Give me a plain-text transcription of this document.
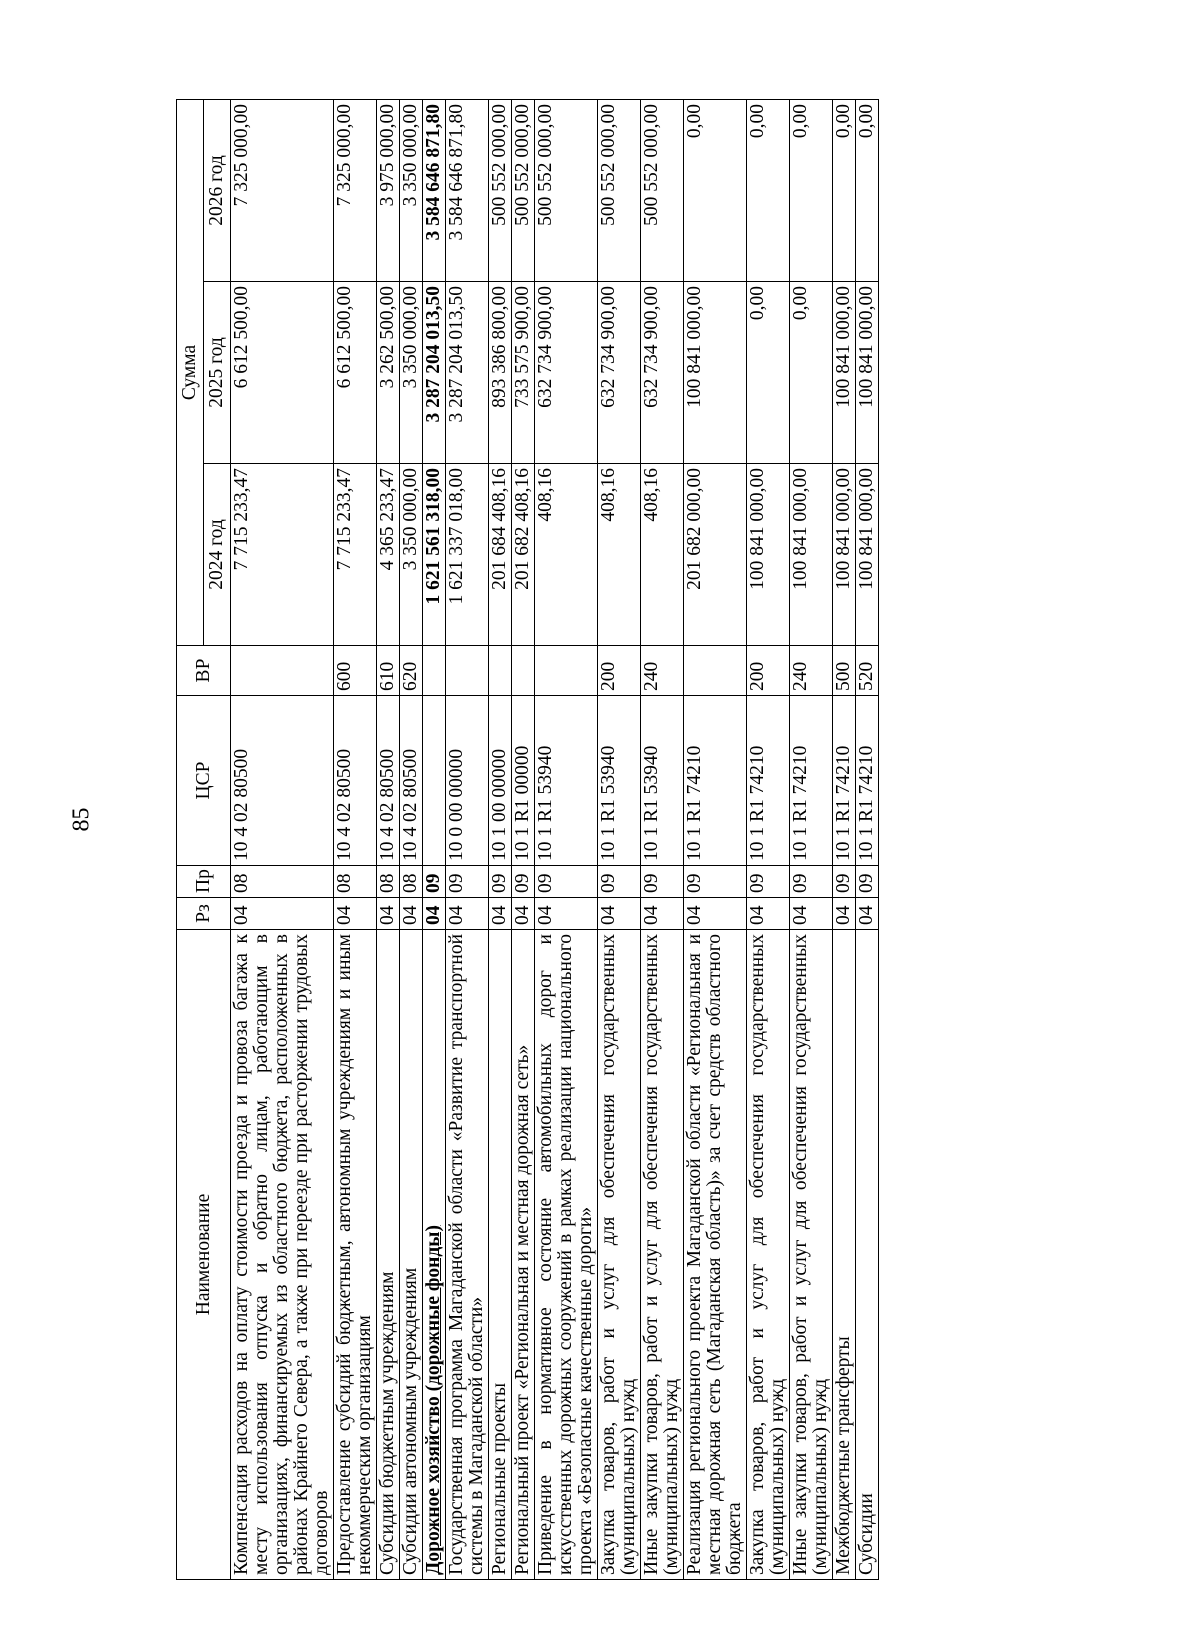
85
Наименование	Рз	Пр	ЦСР	ВР	Сумма		
					2024 год	2025 год	2026 год
Компенсация расходов на оплату стоимости проезда и провоза багажа к месту использования отпуска и обратно лицам, работающим в организациях, финансируемых из областного бюджета, расположенных в районах Крайнего Севера, а также при переезде при расторжении трудовых договоров	04	08	10 4 02 80500		7 715 233,47	6 612 500,00	7 325 000,00
Предоставление субсидий бюджетным, автономным учреждениям и иным некоммерческим организациям	04	08	10 4 02 80500	600	7 715 233,47	6 612 500,00	7 325 000,00
Субсидии бюджетным учреждениям	04	08	10 4 02 80500	610	4 365 233,47	3 262 500,00	3 975 000,00
Субсидии автономным учреждениям	04	08	10 4 02 80500	620	3 350 000,00	3 350 000,00	3 350 000,00
Дорожное хозяйство (дорожные фонды)	04	09			1 621 561 318,00	3 287 204 013,50	3 584 646 871,80
Государственная программа Магаданской области «Развитие транспортной системы в Магаданской области»	04	09	10 0 00 00000		1 621 337 018,00	3 287 204 013,50	3 584 646 871,80
Региональные проекты	04	09	10 1 00 00000		201 684 408,16	893 386 800,00	500 552 000,00
Региональный проект «Региональная и местная дорожная сеть»	04	09	10 1 R1 00000		201 682 408,16	733 575 900,00	500 552 000,00
Приведение в нормативное состояние автомобильных дорог и искусственных дорожных сооружений в рамках реализации национального проекта «Безопасные качественные дороги»	04	09	10 1 R1 53940		408,16	632 734 900,00	500 552 000,00
Закупка товаров, работ и услуг для обеспечения государственных (муниципальных) нужд	04	09	10 1 R1 53940	200	408,16	632 734 900,00	500 552 000,00
Иные закупки товаров, работ и услуг для обеспечения государственных (муниципальных) нужд	04	09	10 1 R1 53940	240	408,16	632 734 900,00	500 552 000,00
Реализация регионального проекта Магаданской области «Региональная и местная дорожная сеть (Магаданская область)» за счет средств областного бюджета	04	09	10 1 R1 74210		201 682 000,00	100 841 000,00	0,00
Закупка товаров, работ и услуг для обеспечения государственных (муниципальных) нужд	04	09	10 1 R1 74210	200	100 841 000,00	0,00	0,00
Иные закупки товаров, работ и услуг для обеспечения государственных (муниципальных) нужд	04	09	10 1 R1 74210	240	100 841 000,00	0,00	0,00
Межбюджетные трансферты	04	09	10 1 R1 74210	500	100 841 000,00	100 841 000,00	0,00
Субсидии	04	09	10 1 R1 74210	520	100 841 000,00	100 841 000,00	0,00
